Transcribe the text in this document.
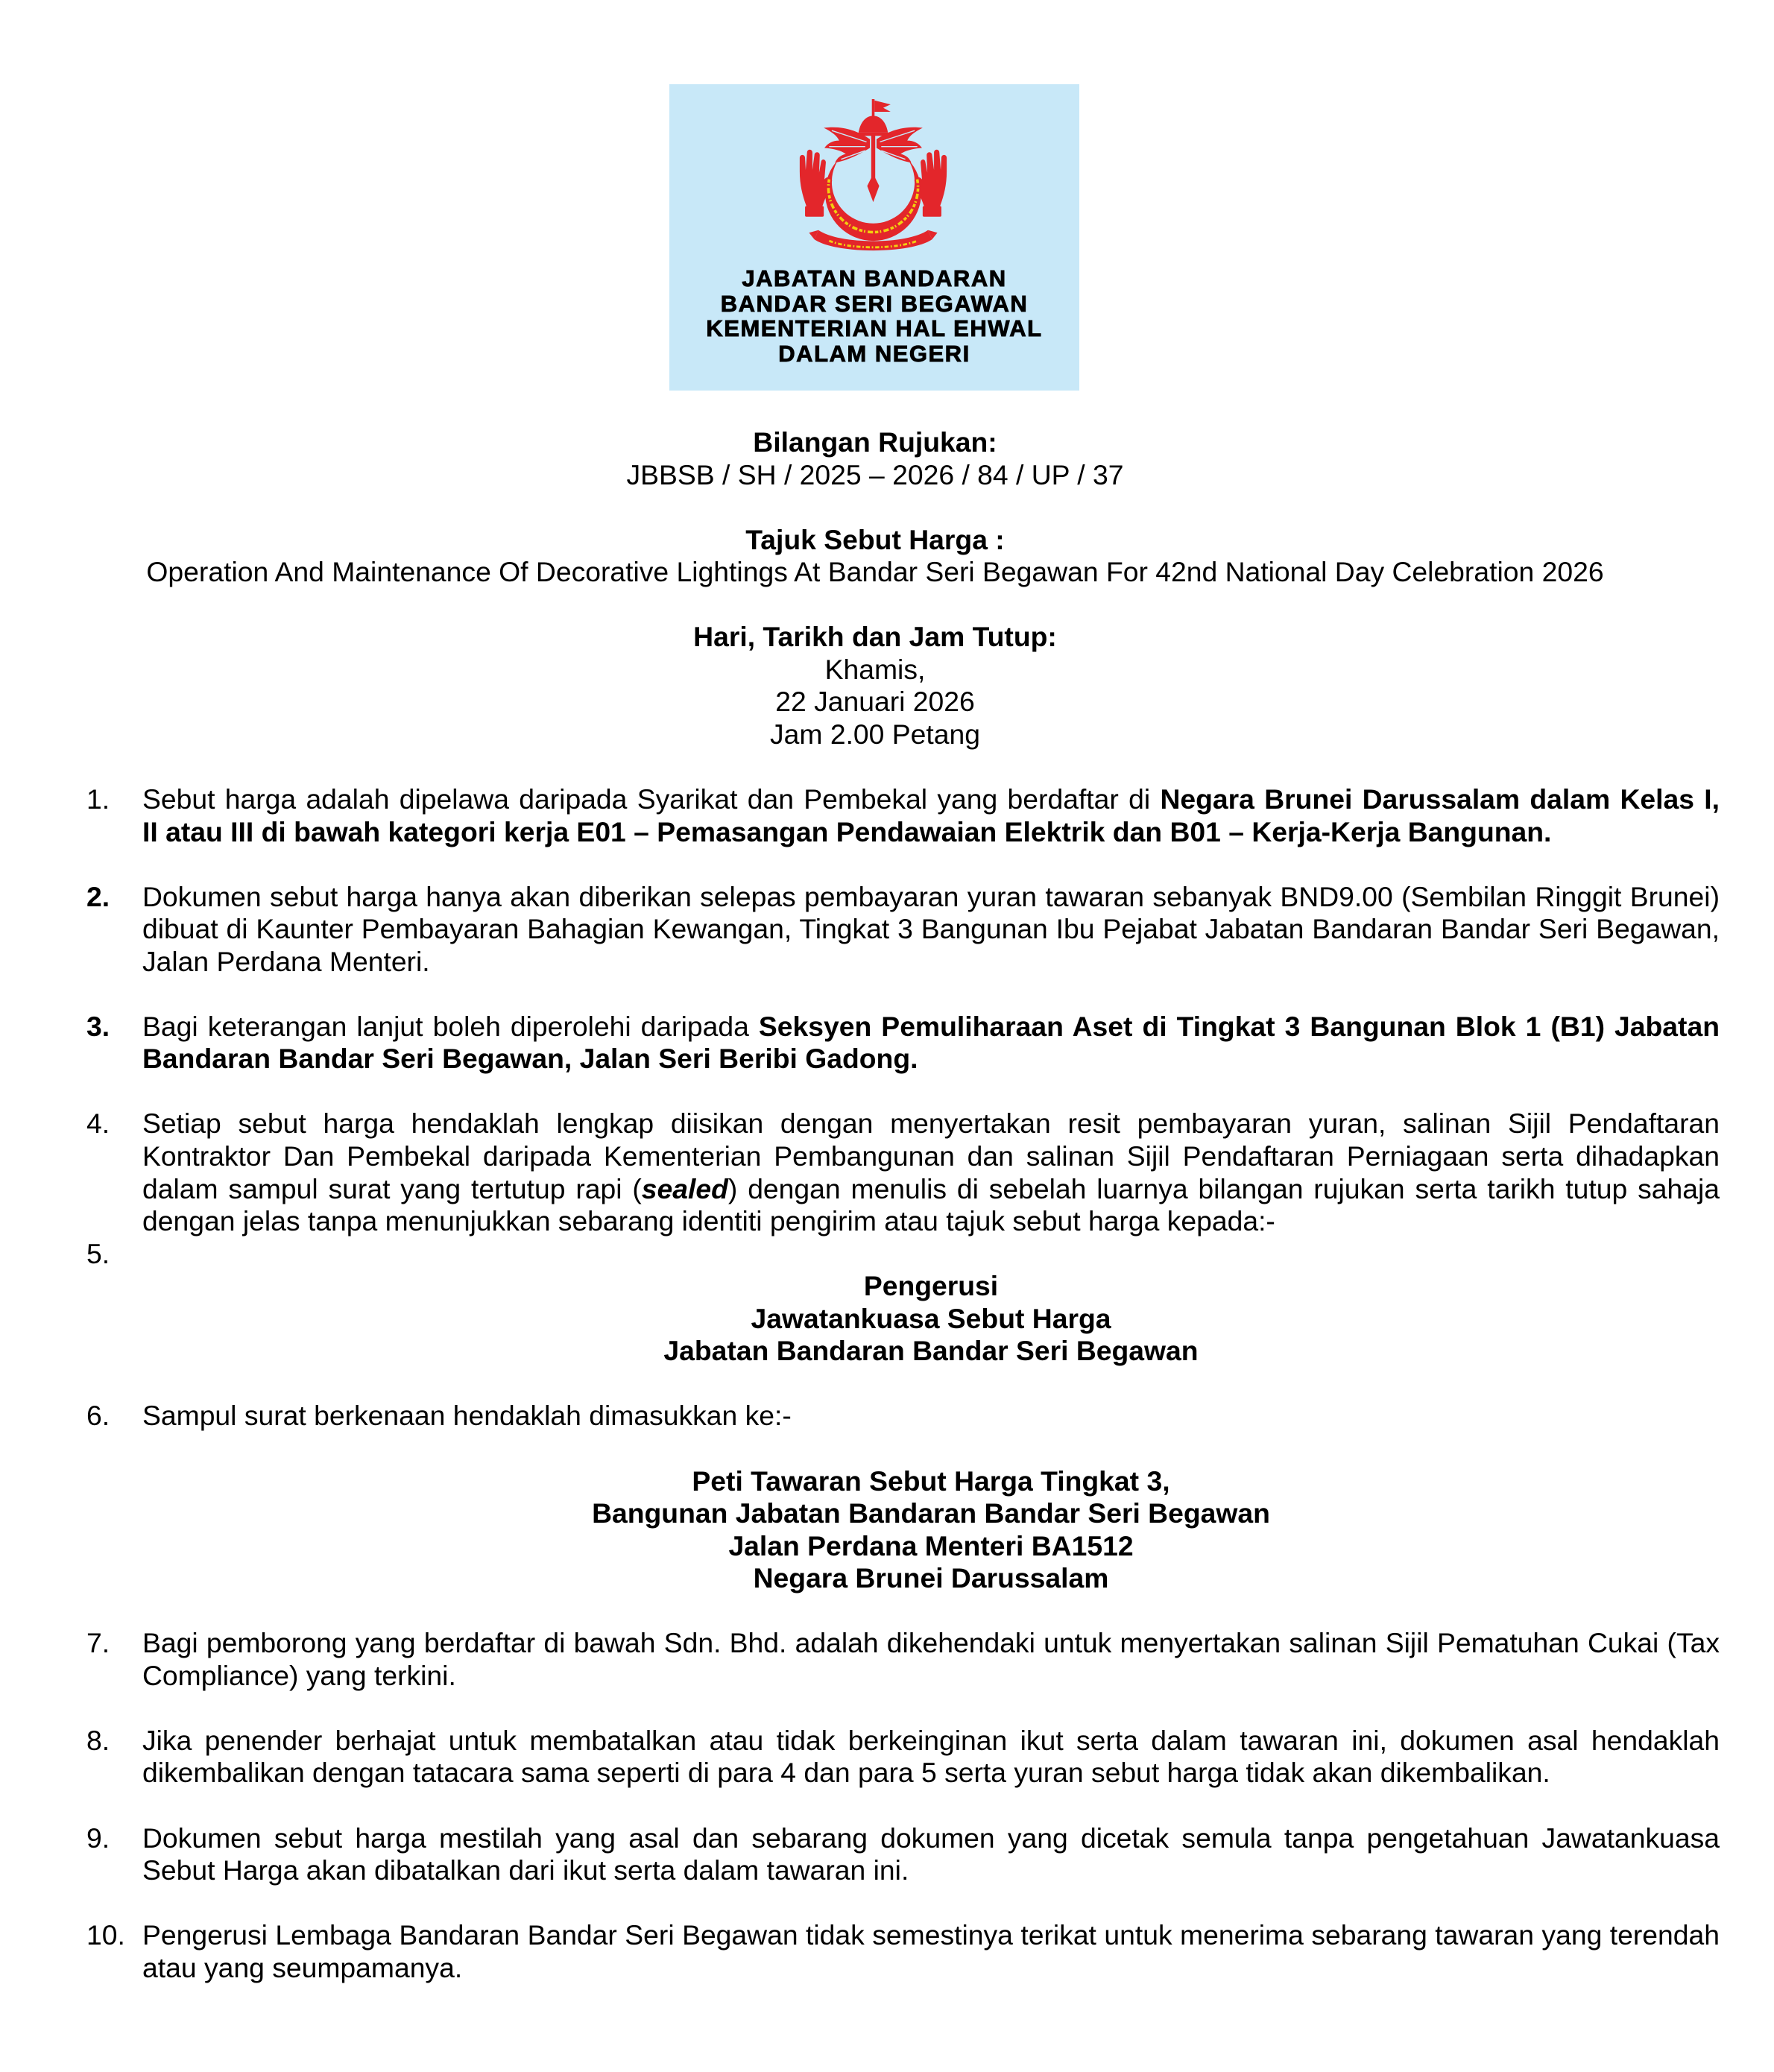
JABATAN BANDARAN
BANDAR SERI BEGAWAN
KEMENTERIAN HAL EHWAL
DALAM NEGERI
Bilangan Rujukan:
JBBSB / SH / 2025 – 2026 / 84 / UP / 37
Tajuk Sebut Harga :
Operation And Maintenance Of Decorative Lightings At Bandar Seri Begawan For 42nd National Day Celebration 2026
Hari, Tarikh dan Jam Tutup:
Khamis,
22 Januari 2026
Jam 2.00 Petang
1. Sebut harga adalah dipelawa daripada Syarikat dan Pembekal yang berdaftar di Negara Brunei Darussalam dalam Kelas I,
II atau III di bawah kategori kerja E01 – Pemasangan Pendawaian Elektrik dan B01 – Kerja-Kerja Bangunan.
2. Dokumen sebut harga hanya akan diberikan selepas pembayaran yuran tawaran sebanyak BND9.00 (Sembilan Ringgit Brunei)
dibuat di Kaunter Pembayaran Bahagian Kewangan, Tingkat 3 Bangunan Ibu Pejabat Jabatan Bandaran Bandar Seri Begawan,
Jalan Perdana Menteri.
3. Bagi keterangan lanjut boleh diperolehi daripada Seksyen Pemuliharaan Aset di Tingkat 3 Bangunan Blok 1 (B1) Jabatan
Bandaran Bandar Seri Begawan, Jalan Seri Beribi Gadong.
4. Setiap sebut harga hendaklah lengkap diisikan dengan menyertakan resit pembayaran yuran, salinan Sijil Pendaftaran
Kontraktor Dan Pembekal daripada Kementerian Pembangunan dan salinan Sijil Pendaftaran Perniagaan serta dihadapkan
dalam sampul surat yang tertutup rapi (sealed) dengan menulis di sebelah luarnya bilangan rujukan serta tarikh tutup sahaja
dengan jelas tanpa menunjukkan sebarang identiti pengirim atau tajuk sebut harga kepada:-
5.
Pengerusi
Jawatankuasa Sebut Harga
Jabatan Bandaran Bandar Seri Begawan
6. Sampul surat berkenaan hendaklah dimasukkan ke:-
Peti Tawaran Sebut Harga Tingkat 3,
Bangunan Jabatan Bandaran Bandar Seri Begawan
Jalan Perdana Menteri BA1512
Negara Brunei Darussalam
7. Bagi pemborong yang berdaftar di bawah Sdn. Bhd. adalah dikehendaki untuk menyertakan salinan Sijil Pematuhan Cukai (Tax
Compliance) yang terkini.
8. Jika penender berhajat untuk membatalkan atau tidak berkeinginan ikut serta dalam tawaran ini, dokumen asal hendaklah
dikembalikan dengan tatacara sama seperti di para 4 dan para 5 serta yuran sebut harga tidak akan dikembalikan.
9. Dokumen sebut harga mestilah yang asal dan sebarang dokumen yang dicetak semula tanpa pengetahuan Jawatankuasa
Sebut Harga akan dibatalkan dari ikut serta dalam tawaran ini.
10. Pengerusi Lembaga Bandaran Bandar Seri Begawan tidak semestinya terikat untuk menerima sebarang tawaran yang terendah
atau yang seumpamanya.
